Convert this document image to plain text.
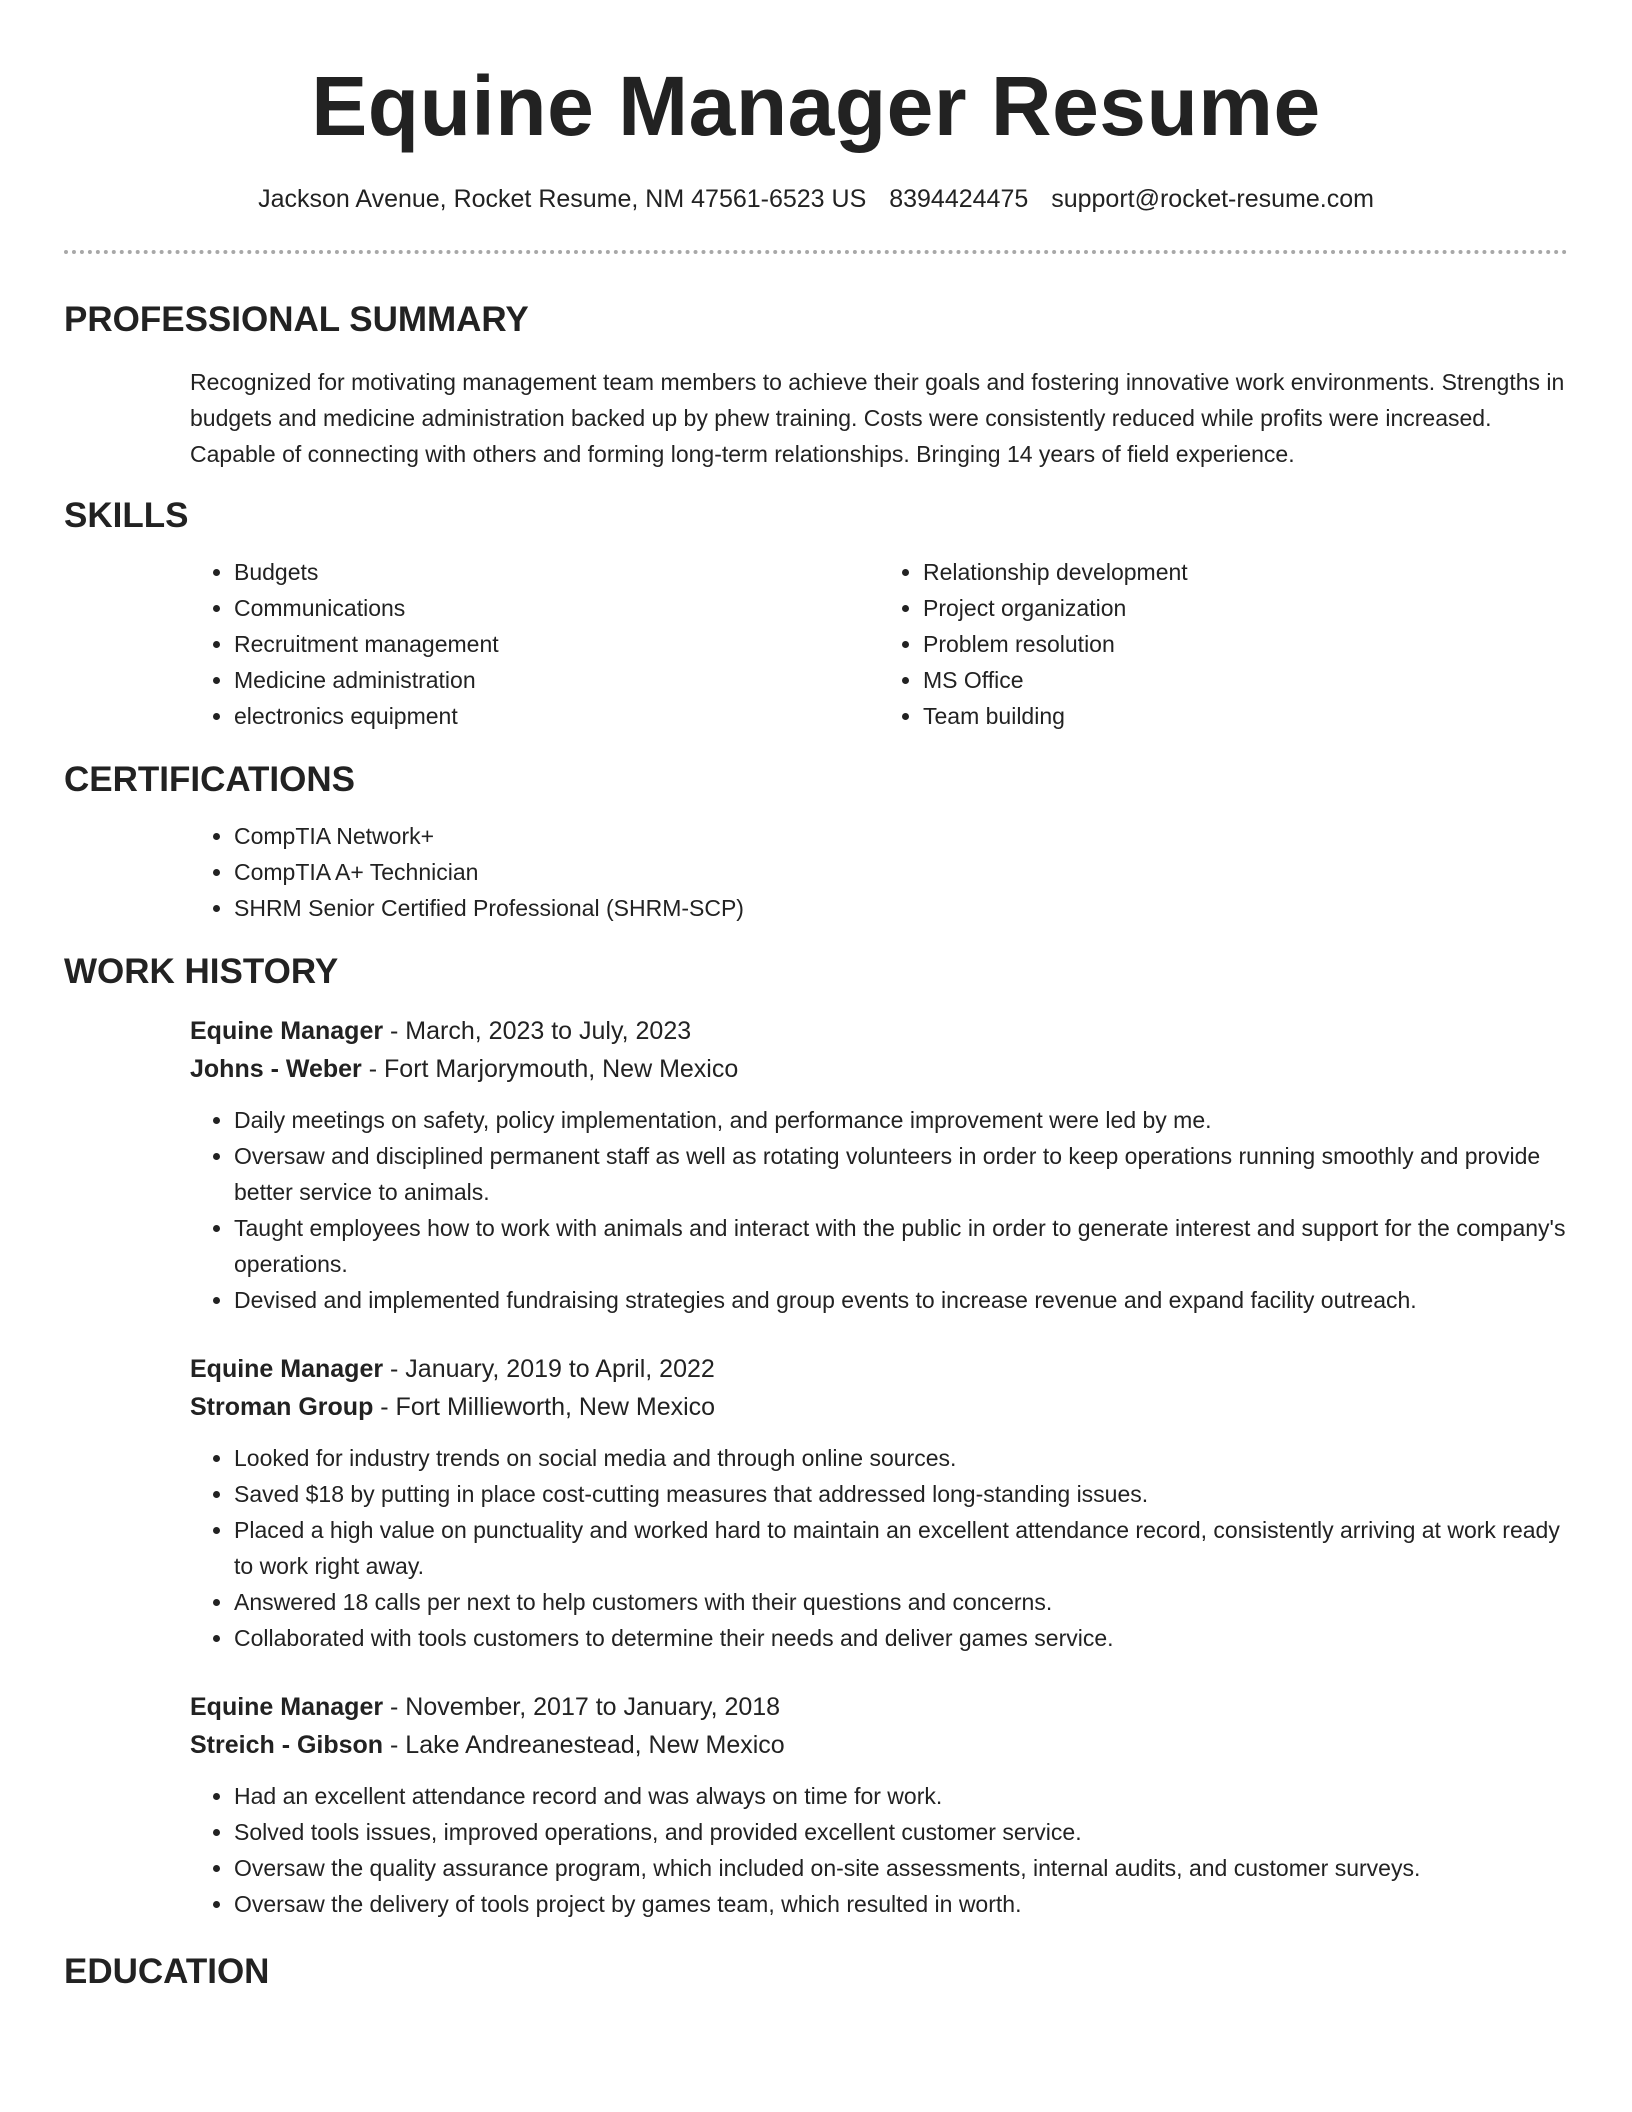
Equine Manager Resume
Jackson Avenue, Rocket Resume, NM 47561-6523 US 8394424475 support@rocket-resume.com
PROFESSIONAL SUMMARY
Recognized for motivating management team members to achieve their goals and fostering innovative work environments. Strengths in budgets and medicine administration backed up by phew training. Costs were consistently reduced while profits were increased. Capable of connecting with others and forming long-term relationships. Bringing 14 years of field experience.
SKILLS
• Budgets
• Communications
• Recruitment management
• Medicine administration
• electronics equipment
• Relationship development
• Project organization
• Problem resolution
• MS Office
• Team building
CERTIFICATIONS
• CompTIA Network+
• CompTIA A+ Technician
• SHRM Senior Certified Professional (SHRM-SCP)
WORK HISTORY
Equine Manager - March, 2023 to July, 2023
Johns - Weber - Fort Marjorymouth, New Mexico
• Daily meetings on safety, policy implementation, and performance improvement were led by me.
• Oversaw and disciplined permanent staff as well as rotating volunteers in order to keep operations running smoothly and provide better service to animals.
• Taught employees how to work with animals and interact with the public in order to generate interest and support for the company's operations.
• Devised and implemented fundraising strategies and group events to increase revenue and expand facility outreach.
Equine Manager - January, 2019 to April, 2022
Stroman Group - Fort Millieworth, New Mexico
• Looked for industry trends on social media and through online sources.
• Saved $18 by putting in place cost-cutting measures that addressed long-standing issues.
• Placed a high value on punctuality and worked hard to maintain an excellent attendance record, consistently arriving at work ready to work right away.
• Answered 18 calls per next to help customers with their questions and concerns.
• Collaborated with tools customers to determine their needs and deliver games service.
Equine Manager - November, 2017 to January, 2018
Streich - Gibson - Lake Andreanestead, New Mexico
• Had an excellent attendance record and was always on time for work.
• Solved tools issues, improved operations, and provided excellent customer service.
• Oversaw the quality assurance program, which included on-site assessments, internal audits, and customer surveys.
• Oversaw the delivery of tools project by games team, which resulted in worth.
EDUCATION
